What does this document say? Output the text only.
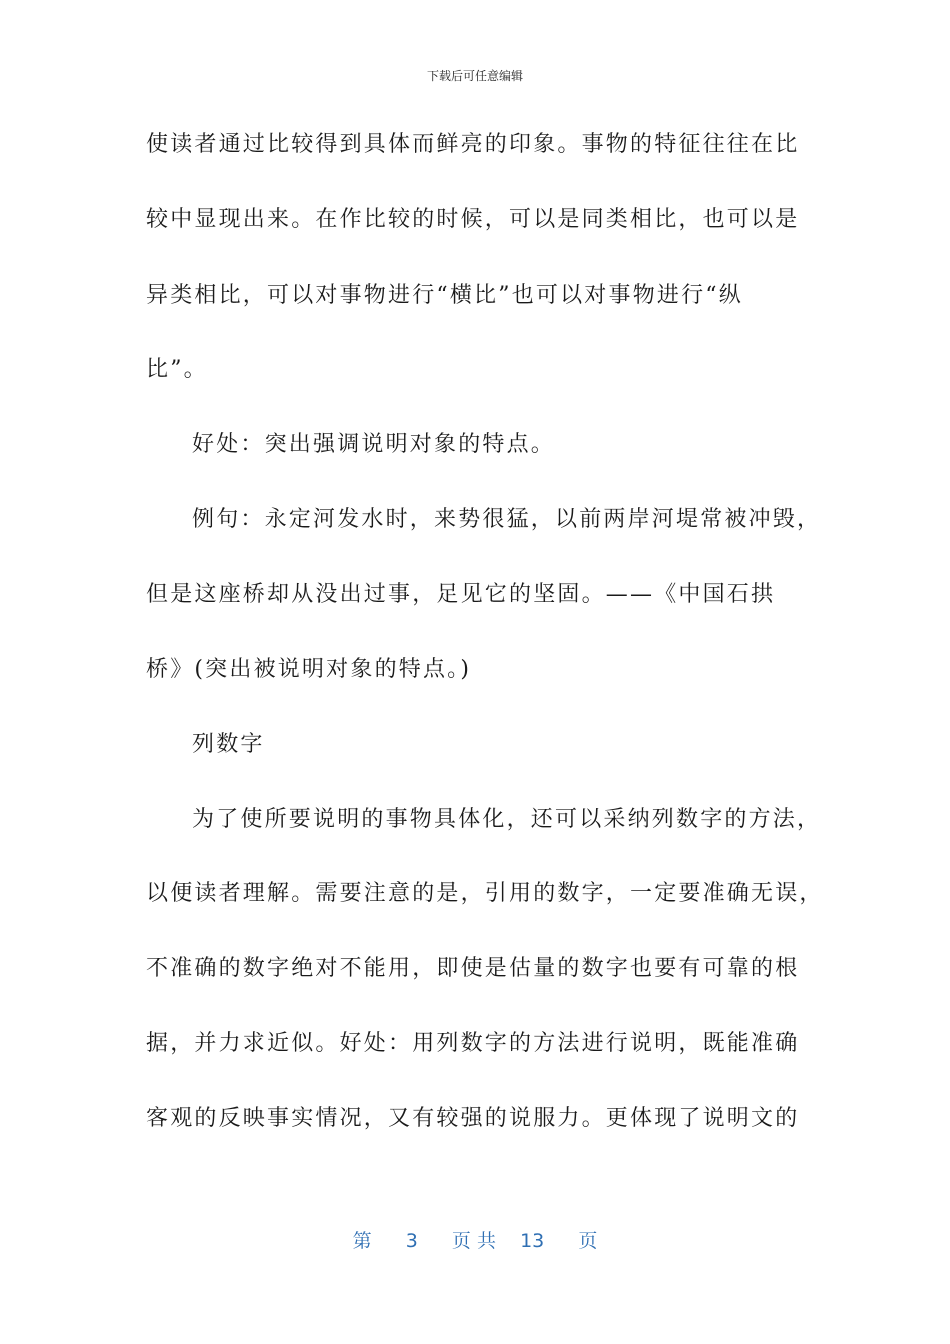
下载后可任意编辑
使读者通过比较得到具体而鲜亮的印象。事物的特征往往在比
较中显现出来。在作比较的时候，可以是同类相比，也可以是
异类相比，可以对事物进行“横比”也可以对事物进行“纵
比”。
好处：突出强调说明对象的特点。
例句：永定河发水时，来势很猛，以前两岸河堤常被冲毁，
但是这座桥却从没出过事，足见它的坚固。——《中国石拱
桥》(突出被说明对象的特点。)
列数字
为了使所要说明的事物具体化，还可以采纳列数字的方法，
以便读者理解。需要注意的是，引用的数字，一定要准确无误，
不准确的数字绝对不能用，即使是估量的数字也要有可靠的根
据，并力求近似。好处：用列数字的方法进行说明，既能准确
客观的反映事实情况，又有较强的说服力。更体现了说明文的
第 3 页 共 13 页
